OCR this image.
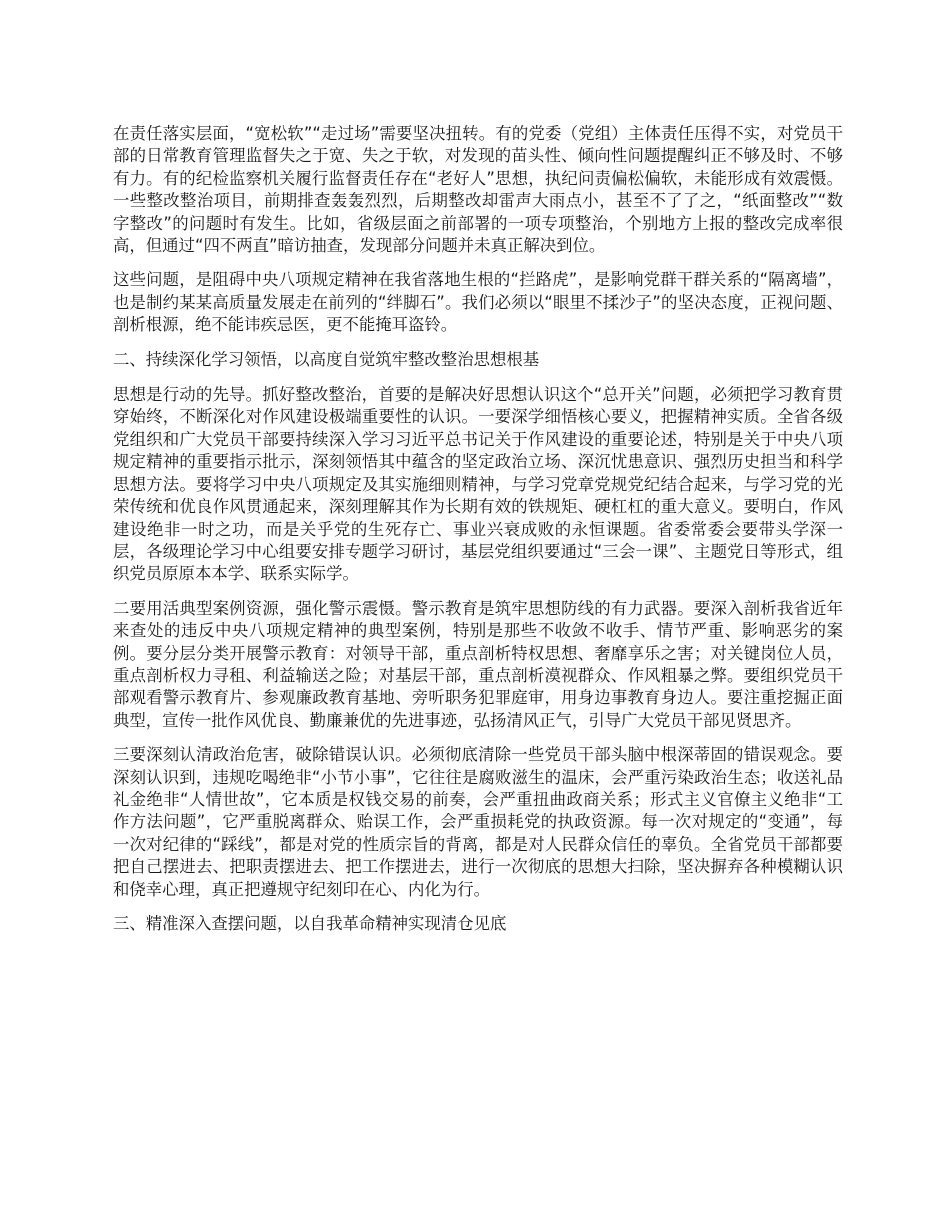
在责任落实层面，“宽松软”“走过场”需要坚决扭转。有的党委（党组）主体责任压得不实，对党员干部的日常教育管理监督失之于宽、失之于软，对发现的苗头性、倾向性问题提醒纠正不够及时、不够有力。有的纪检监察机关履行监督责任存在“老好人”思想，执纪问责偏松偏软，未能形成有效震慑。一些整改整治项目，前期排查轰轰烈烈，后期整改却雷声大雨点小，甚至不了了之，“纸面整改”“数字整改”的问题时有发生。比如，省级层面之前部署的一项专项整治，个别地方上报的整改完成率很高，但通过“四不两直”暗访抽查，发现部分问题并未真正解决到位。

这些问题，是阻碍中央八项规定精神在我省落地生根的“拦路虎”，是影响党群干群关系的“隔离墙”，也是制约某某高质量发展走在前列的“绊脚石”。我们必须以“眼里不揉沙子”的坚决态度，正视问题、剖析根源，绝不能讳疾忌医，更不能掩耳盗铃。

二、持续深化学习领悟，以高度自觉筑牢整改整治思想根基

思想是行动的先导。抓好整改整治，首要的是解决好思想认识这个“总开关”问题，必须把学习教育贯穿始终，不断深化对作风建设极端重要性的认识。一要深学细悟核心要义，把握精神实质。全省各级党组织和广大党员干部要持续深入学习习近平总书记关于作风建设的重要论述，特别是关于中央八项规定精神的重要指示批示，深刻领悟其中蕴含的坚定政治立场、深沉忧患意识、强烈历史担当和科学思想方法。要将学习中央八项规定及其实施细则精神，与学习党章党规党纪结合起来，与学习党的光荣传统和优良作风贯通起来，深刻理解其作为长期有效的铁规矩、硬杠杠的重大意义。要明白，作风建设绝非一时之功，而是关乎党的生死存亡、事业兴衰成败的永恒课题。省委常委会要带头学深一层，各级理论学习中心组要安排专题学习研讨，基层党组织要通过“三会一课”、主题党日等形式，组织党员原原本本学、联系实际学。

二要用活典型案例资源，强化警示震慑。警示教育是筑牢思想防线的有力武器。要深入剖析我省近年来查处的违反中央八项规定精神的典型案例，特别是那些不收敛不收手、情节严重、影响恶劣的案例。要分层分类开展警示教育：对领导干部，重点剖析特权思想、奢靡享乐之害；对关键岗位人员，重点剖析权力寻租、利益输送之险；对基层干部，重点剖析漠视群众、作风粗暴之弊。要组织党员干部观看警示教育片、参观廉政教育基地、旁听职务犯罪庭审，用身边事教育身边人。要注重挖掘正面典型，宣传一批作风优良、勤廉兼优的先进事迹，弘扬清风正气，引导广大党员干部见贤思齐。

三要深刻认清政治危害，破除错误认识。必须彻底清除一些党员干部头脑中根深蒂固的错误观念。要深刻认识到，违规吃喝绝非“小节小事”，它往往是腐败滋生的温床，会严重污染政治生态；收送礼品礼金绝非“人情世故”，它本质是权钱交易的前奏，会严重扭曲政商关系；形式主义官僚主义绝非“工作方法问题”，它严重脱离群众、贻误工作，会严重损耗党的执政资源。每一次对规定的“变通”，每一次对纪律的“踩线”，都是对党的性质宗旨的背离，都是对人民群众信任的辜负。全省党员干部都要把自己摆进去、把职责摆进去、把工作摆进去，进行一次彻底的思想大扫除，坚决摒弃各种模糊认识和侥幸心理，真正把遵规守纪刻印在心、内化为行。

三、精准深入查摆问题，以自我革命精神实现清仓见底
